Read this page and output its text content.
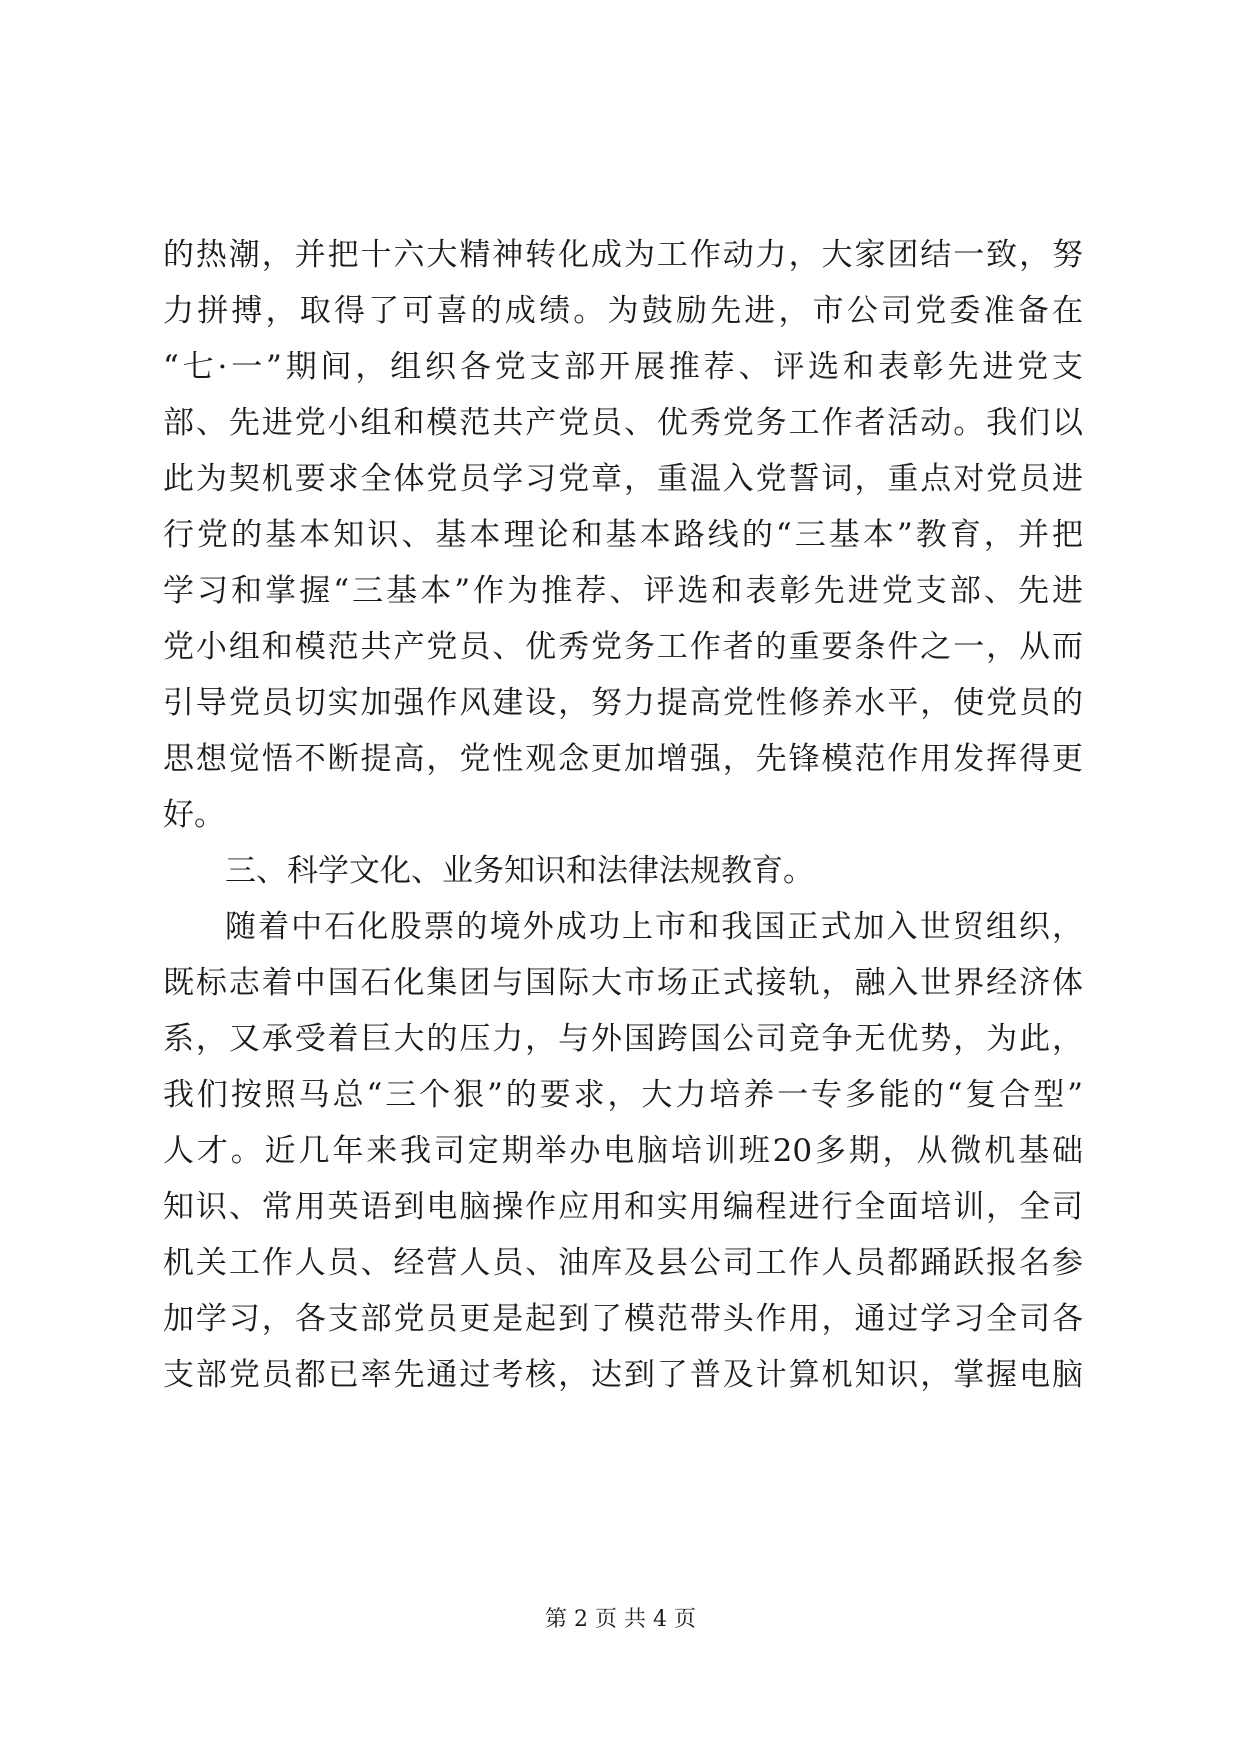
的热潮，并把十六大精神转化成为工作动力，大家团结一致，努
力拼搏，取得了可喜的成绩。为鼓励先进，市公司党委准备在
“七·一”期间，组织各党支部开展推荐、评选和表彰先进党支
部、先进党小组和模范共产党员、优秀党务工作者活动。我们以
此为契机要求全体党员学习党章，重温入党誓词，重点对党员进
行党的基本知识、基本理论和基本路线的“三基本”教育，并把
学习和掌握“三基本”作为推荐、评选和表彰先进党支部、先进
党小组和模范共产党员、优秀党务工作者的重要条件之一，从而
引导党员切实加强作风建设，努力提高党性修养水平，使党员的
思想觉悟不断提高，党性观念更加增强，先锋模范作用发挥得更
好。
三、科学文化、业务知识和法律法规教育。
随着中石化股票的境外成功上市和我国正式加入世贸组织，
既标志着中国石化集团与国际大市场正式接轨，融入世界经济体
系，又承受着巨大的压力，与外国跨国公司竞争无优势，为此，
我们按照马总“三个狠”的要求，大力培养一专多能的“复合型”
人才。近几年来我司定期举办电脑培训班20多期，从微机基础
知识、常用英语到电脑操作应用和实用编程进行全面培训，全司
机关工作人员、经营人员、油库及县公司工作人员都踊跃报名参
加学习，各支部党员更是起到了模范带头作用，通过学习全司各
支部党员都已率先通过考核，达到了普及计算机知识，掌握电脑
第 2 页 共 4 页
